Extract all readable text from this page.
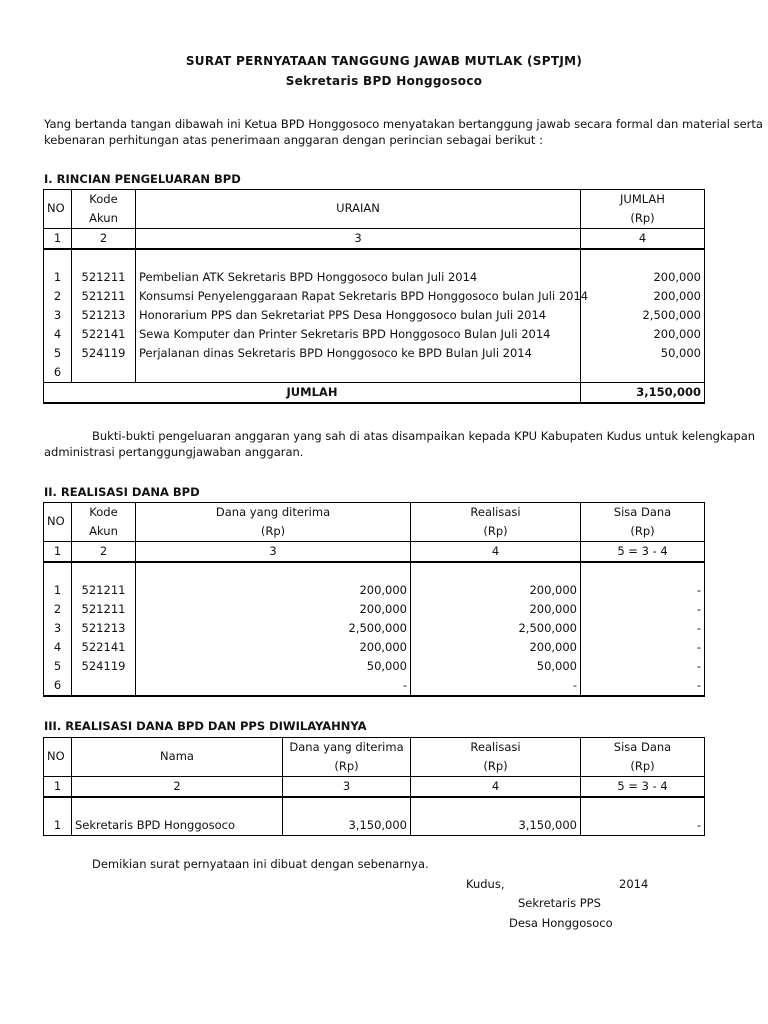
SURAT PERNYATAAN TANGGUNG JAWAB MUTLAK (SPTJM)
Sekretaris BPD Honggosoco
Yang bertanda tangan dibawah ini Ketua BPD Honggosoco menyatakan bertanggung jawab secara formal dan material serta
kebenaran perhitungan atas penerimaan anggaran dengan perincian sebagai berikut :
I. RINCIAN PENGELUARAN BPD
	Kode		JUMLAH

NO	Akun	URAIAN	(Rp)
1	2	3	4

1	521211	Pembelian ATK Sekretaris BPD Honggosoco bulan Juli 2014	200,000
2	521211	Konsumsi Penyelenggaraan Rapat Sekretaris BPD Honggosoco bulan Juli 2014	200,000
3	521213	Honorarium PPS dan Sekretariat PPS Desa Honggosoco bulan Juli 2014	2,500,000
4	522141	Sewa Komputer dan Printer Sekretaris BPD Honggosoco Bulan Juli 2014	200,000
5	524119	Perjalanan dinas Sekretaris BPD Honggosoco ke BPD Bulan Juli 2014	50,000
6			
JUMLAH			3,150,000
Bukti-bukti pengeluaran anggaran yang sah di atas disampaikan kepada KPU Kabupaten Kudus untuk kelengkapan
administrasi pertanggungjawaban anggaran.
II. REALISASI DANA BPD
	Kode	Dana yang diterima	Realisasi	Sisa Dana

NO	Akun	(Rp)	(Rp)	(Rp)
1	2	3	4	5 = 3 - 4

1	521211	200,000	200,000	-
2	521211	200,000	200,000	-
3	521213	2,500,000	2,500,000	-
4	522141	200,000	200,000	-
5	524119	50,000	50,000	-
6		-	-	-
III. REALISASI DANA BPD DAN PPS DIWILAYAHNYA
		Dana yang diterima	Realisasi	Sisa Dana

NO	Nama	(Rp)	(Rp)	(Rp)
1	2	3	4	5 = 3 - 4

1	Sekretaris BPD Honggosoco	3,150,000	3,150,000	-
Demikian surat pernyataan ini dibuat dengan sebenarnya.
Kudus,	2014
Sekretaris PPS
Desa Honggosoco
